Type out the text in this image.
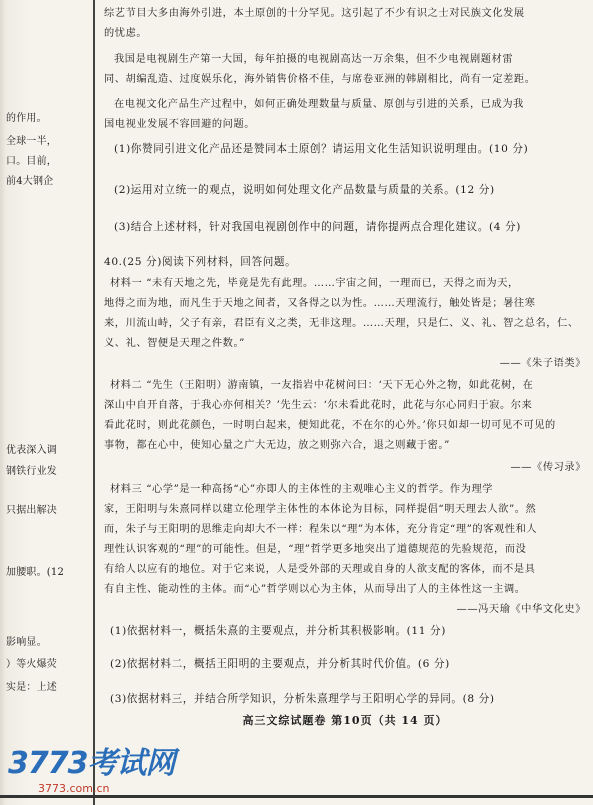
的作用。
全球一半，
口。目前，
前4大钢企
优表深入调
钢铁行业发
只据出解决
加腰职。(12
影响显。
）等火爆荧
实是：上述
综艺节目大多由海外引进，本土原创的十分罕见。这引起了不少有识之士对民族文化发展
的忧虑。
我国是电视剧生产第一大国，每年拍摄的电视剧高达一万余集，但不少电视剧题材雷
同、胡编乱造、过度娱乐化，海外销售价格不佳，与席卷亚洲的韩剧相比，尚有一定差距。
在电视文化产品生产过程中，如何正确处理数量与质量、原创与引进的关系，已成为我
国电视业发展不容回避的问题。
(1)你赞同引进文化产品还是赞同本土原创？请运用文化生活知识说明理由。(10 分)
(2)运用对立统一的观点，说明如何处理文化产品数量与质量的关系。(12 分)
(3)结合上述材料，针对我国电视剧创作中的问题，请你提两点合理化建议。(4 分)
40.(25 分)阅读下列材料，回答问题。
材料一 “未有天地之先，毕竟是先有此理。……宇宙之间，一理而已，天得之而为天，
地得之而为地，而凡生于天地之间者，又各得之以为性。……天理流行，触处皆是；暑往寒
来，川流山峙，父子有亲，君臣有义之类，无非这理。……天理，只是仁、义、礼、智之总名，仁、
义、礼、智便是天理之件数。”
——《朱子语类》
材料二 “先生（王阳明）游南镇，一友指岩中花树问曰：‘天下无心外之物，如此花树，在
深山中自开自落，于我心亦何相关？’先生云：‘尔未看此花时，此花与尔心同归于寂。尔来
看此花时，则此花颜色，一时明白起来，便知此花，不在尔的心外。’你只如却一切可见不可见的
事物，都在心中，使知心量之广大无边，放之则弥六合，退之则藏于密。”
——《传习录》
材料三 “心学”是一种高扬“心”亦即人的主体性的主观唯心主义的哲学。作为理学
家，王阳明与朱熹同样以建立伦理学主体性的本体论为目标，同样提倡“明天理去人欲”。然
而，朱子与王阳明的思维走向却大不一样：程朱以“理”为本体，充分肯定“理”的客观性和人
理性认识客观的“理”的可能性。但是，“理”哲学更多地突出了道德规范的先验规范，而没
有给人以应有的地位。对于它来说，人是受外部的天理或自身的人欲支配的客体，而不是具
有自主性、能动性的主体。而“心”哲学则以心为主体，从而导出了人的主体性这一主调。
——冯天瑜《中华文化史》
(1)依据材料一，概括朱熹的主要观点，并分析其积极影响。(11 分)
(2)依据材料二，概括王阳明的主要观点，并分析其时代价值。(6 分)
(3)依据材料三，并结合所学知识，分析朱熹理学与王阳明心学的异同。(8 分)
高三文综试题卷 第10页（共 14 页）
3773考试网
3773.com.cn
